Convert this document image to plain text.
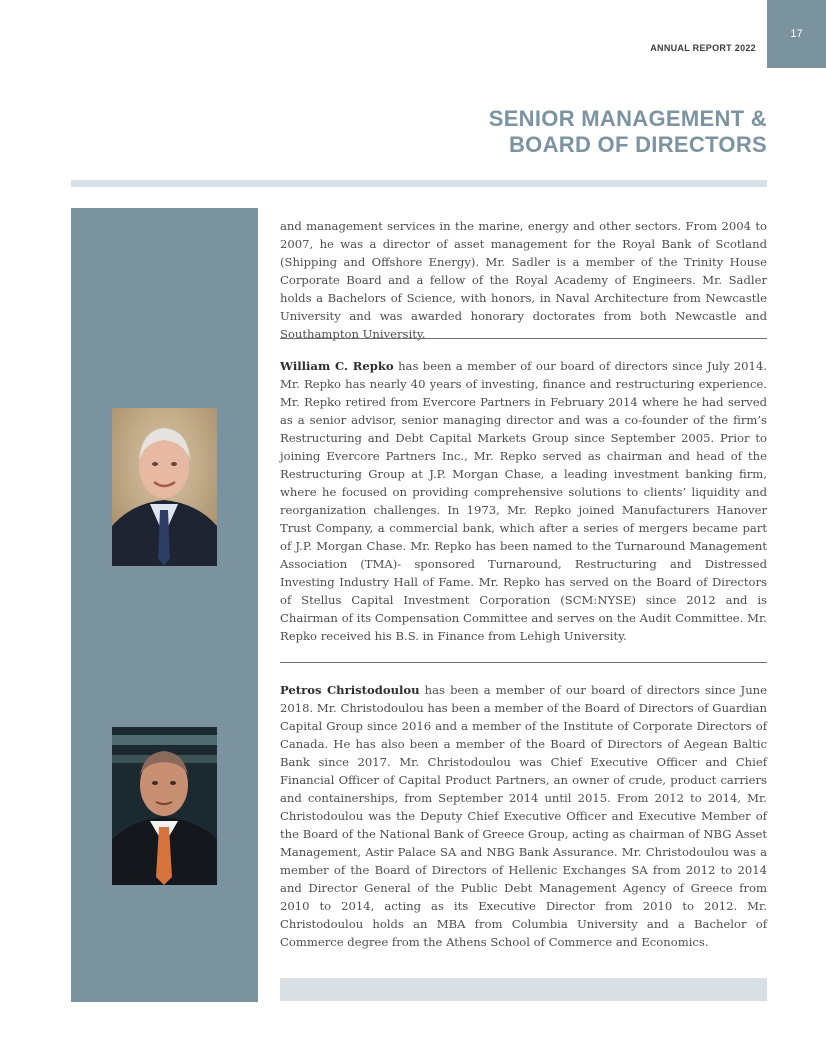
ANNUAL REPORT 2022
17
SENIOR MANAGEMENT &
BOARD OF DIRECTORS

and management services in the marine, energy and other sectors. From 2004 to 2007, he was a director of asset management for the Royal Bank of Scotland (Shipping and Offshore Energy). Mr. Sadler is a member of the Trinity House Corporate Board and a fellow of the Royal Academy of Engineers. Mr. Sadler holds a Bachelors of Science, with honors, in Naval Architecture from Newcastle University and was awarded honorary doctorates from both Newcastle and Southampton University.

William C. Repko has been a member of our board of directors since July 2014. Mr. Repko has nearly 40 years of investing, finance and restructuring experience. Mr. Repko retired from Evercore Partners in February 2014 where he had served as a senior advisor, senior managing director and was a co-founder of the firm’s Restructuring and Debt Capital Markets Group since September 2005. Prior to joining Evercore Partners Inc., Mr. Repko served as chairman and head of the Restructuring Group at J.P. Morgan Chase, a leading investment banking firm, where he focused on providing comprehensive solutions to clients’ liquidity and reorganization challenges. In 1973, Mr. Repko joined Manufacturers Hanover Trust Company, a commercial bank, which after a series of mergers became part of J.P. Morgan Chase. Mr. Repko has been named to the Turnaround Management Association (TMA)- sponsored Turnaround, Restructuring and Distressed Investing Industry Hall of Fame. Mr. Repko has served on the Board of Directors of Stellus Capital Investment Corporation (SCM:NYSE) since 2012 and is Chairman of its Compensation Committee and serves on the Audit Committee. Mr. Repko received his B.S. in Finance from Lehigh University.

Petros Christodoulou has been a member of our board of directors since June 2018. Mr. Christodoulou has been a member of the Board of Directors of Guardian Capital Group since 2016 and a member of the Institute of Corporate Directors of Canada. He has also been a member of the Board of Directors of Aegean Baltic Bank since 2017. Mr. Christodoulou was Chief Executive Officer and Chief Financial Officer of Capital Product Partners, an owner of crude, product carriers and containerships, from September 2014 until 2015. From 2012 to 2014, Mr. Christodoulou was the Deputy Chief Executive Officer and Executive Member of the Board of the National Bank of Greece Group, acting as chairman of NBG Asset Management, Astir Palace SA and NBG Bank Assurance. Mr. Christodoulou was a member of the Board of Directors of Hellenic Exchanges SA from 2012 to 2014 and Director General of the Public Debt Management Agency of Greece from 2010 to 2014, acting as its Executive Director from 2010 to 2012. Mr. Christodoulou holds an MBA from Columbia University and a Bachelor of Commerce degree from the Athens School of Commerce and Economics.
